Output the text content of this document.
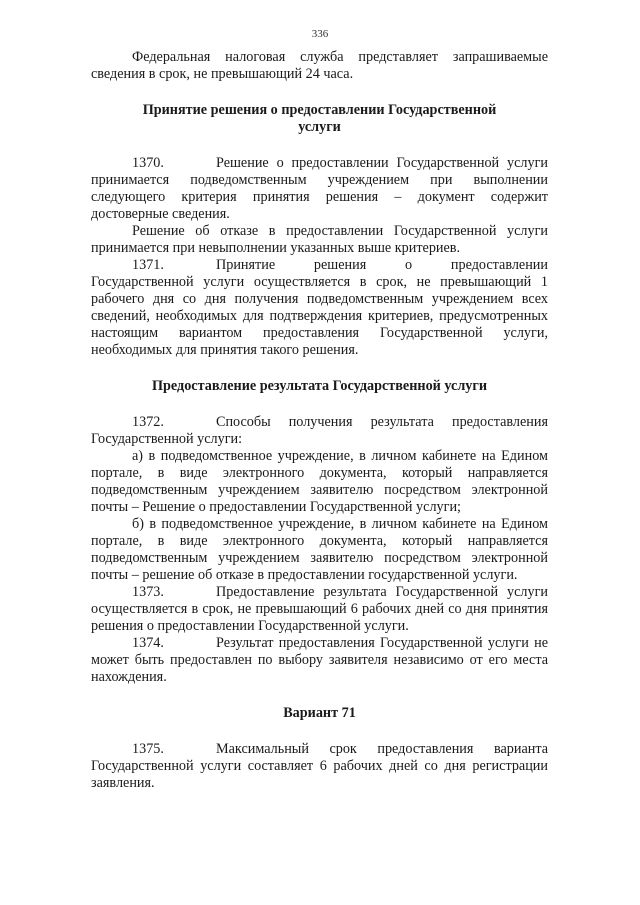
336

Федеральная налоговая служба представляет запрашиваемые сведения в срок, не превышающий 24 часа.

Принятие решения о предоставлении Государственной
услуги

1370.	Решение о предоставлении Государственной услуги принимается подведомственным учреждением при выполнении следующего критерия принятия решения – документ содержит достоверные сведения.

Решение об отказе в предоставлении Государственной услуги принимается при невыполнении указанных выше критериев.

1371.	Принятие решения о предоставлении Государственной услуги осуществляется в срок, не превышающий 1 рабочего дня со дня получения подведомственным учреждением всех сведений, необходимых для подтверждения критериев, предусмотренных настоящим вариантом предоставления Государственной услуги, необходимых для принятия такого решения.

Предоставление результата Государственной услуги

1372.	Способы получения результата предоставления Государственной услуги:

а) в подведомственное учреждение, в личном кабинете на Едином портале, в виде электронного документа, который направляется подведомственным учреждением заявителю посредством электронной почты – Решение о предоставлении Государственной услуги;

б) в подведомственное учреждение, в личном кабинете на Едином портале, в виде электронного документа, который направляется подведомственным учреждением заявителю посредством электронной почты – решение об отказе в предоставлении государственной услуги.

1373.	Предоставление результата Государственной услуги осуществляется в срок, не превышающий 6 рабочих дней со дня принятия решения о предоставлении Государственной услуги.

1374.	Результат предоставления Государственной услуги не может быть предоставлен по выбору заявителя независимо от его места нахождения.

Вариант 71

1375.	Максимальный срок предоставления варианта Государственной услуги составляет 6 рабочих дней со дня регистрации заявления.
